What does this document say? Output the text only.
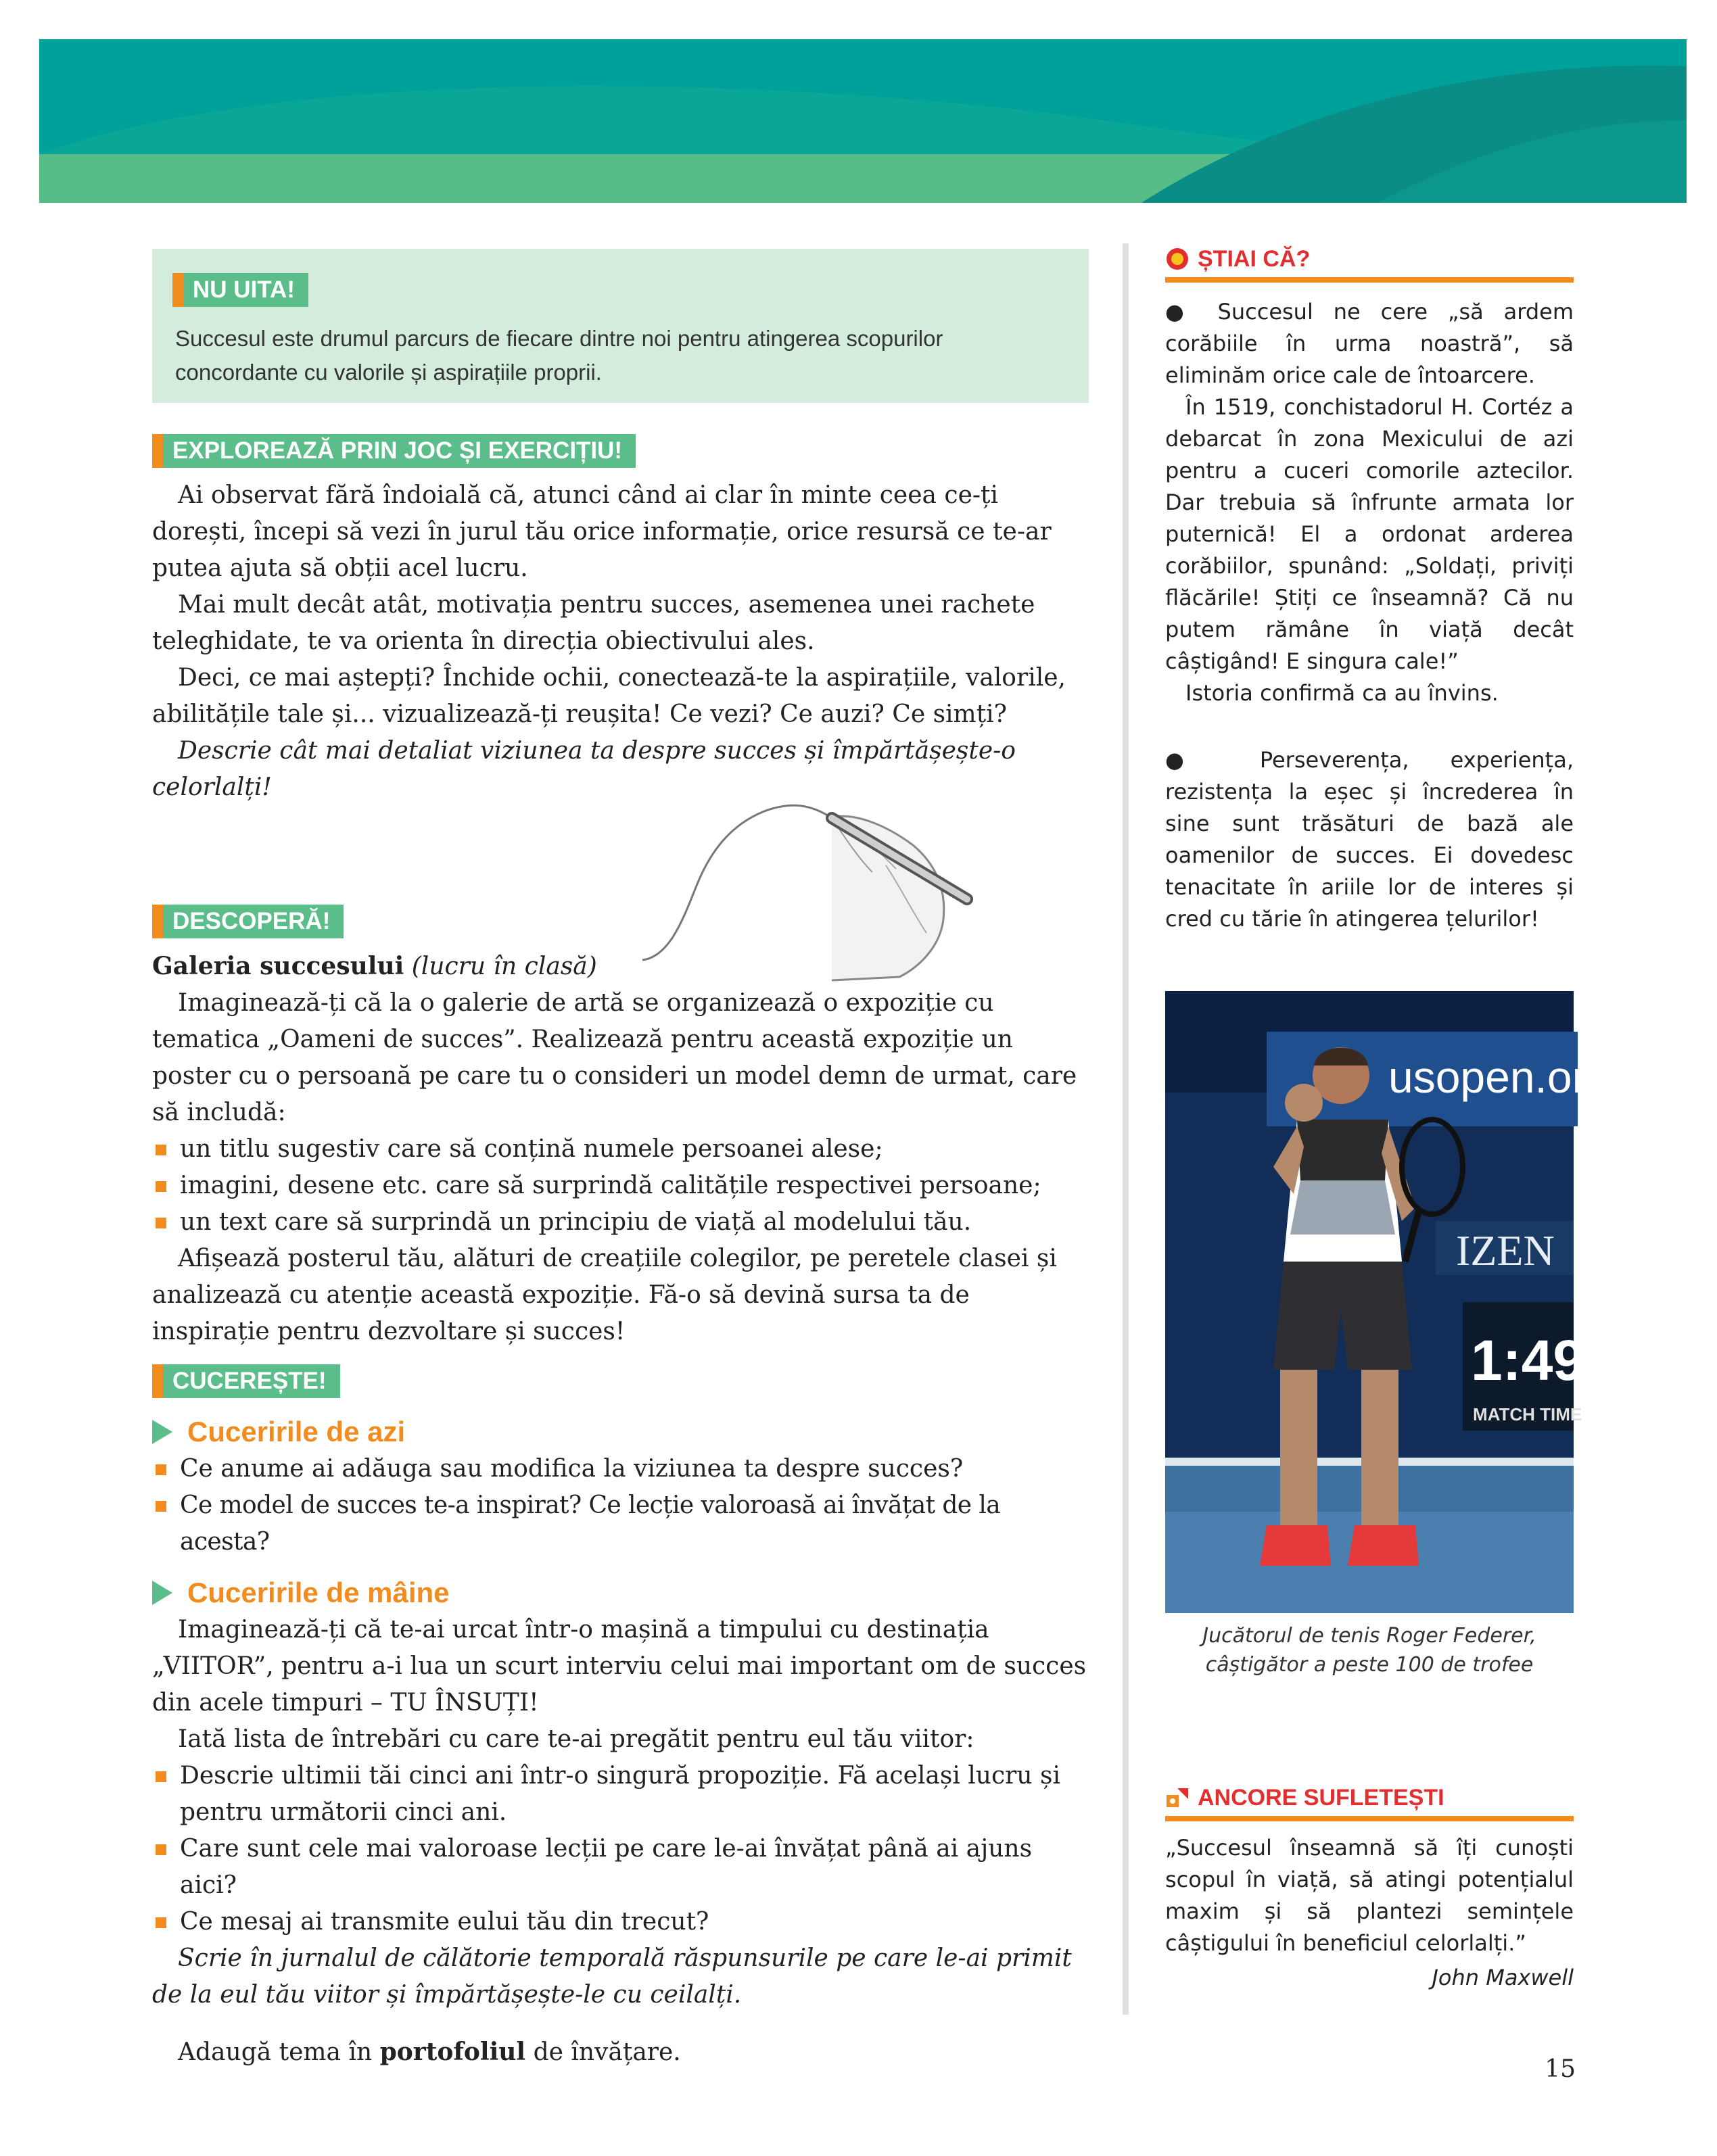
NU UITA!

Succesul este drumul parcurs de fiecare dintre noi pentru atingerea scopurilor concordante cu valorile și aspirațiile proprii.

EXPLOREAZĂ PRIN JOC ȘI EXERCIȚIU!

Ai observat fără îndoială că, atunci când ai clar în minte ceea ce-ți dorești, începi să vezi în jurul tău orice informație, orice resursă ce te-ar putea ajuta să obții acel lucru.

Mai mult decât atât, motivația pentru succes, asemenea unei rachete teleghidate, te va orienta în direcția obiectivului ales.

Deci, ce mai aștepți? Închide ochii, conectează-te la aspirațiile, valorile, abilitățile tale și... vizualizează-ți reușita! Ce vezi? Ce auzi? Ce simți?

Descrie cât mai detaliat viziunea ta despre succes și împărtășește-o celorlalți!

DESCOPERĂ!

Galeria succesului (lucru în clasă)

Imaginează-ți că la o galerie de artă se organizează o expoziție cu tematica „Oameni de succes”. Realizează pentru această expoziție un poster cu o persoană pe care tu o consideri un model demn de urmat, care să includă:

un titlu sugestiv care să conțină numele persoanei alese;

imagini, desene etc. care să surprindă calitățile respectivei persoane;

un text care să surprindă un principiu de viață al modelului tău.

Afișează posterul tău, alături de creațiile colegilor, pe peretele clasei și analizează cu atenție această expoziție. Fă-o să devină sursa ta de inspirație pentru dezvoltare și succes!

CUCEREȘTE!
Cuceririle de azi

Ce anume ai adăuga sau modifica la viziunea ta despre succes?

Ce model de succes te-a inspirat? Ce lecție valoroasă ai învățat de la acesta?

Cuceririle de mâine

Imaginează-ți că te-ai urcat într-o mașină a timpului cu destinația „VIITOR”, pentru a-i lua un scurt interviu celui mai important om de succes din acele timpuri – TU ÎNSUȚI!

Iată lista de întrebări cu care te-ai pregătit pentru eul tău viitor:

Descrie ultimii tăi cinci ani într-o singură propoziție. Fă același lucru și pentru următorii cinci ani.

Care sunt cele mai valoroase lecții pe care le-ai învățat până ai ajuns aici?

Ce mesaj ai transmite eului tău din trecut?

Scrie în jurnalul de călătorie temporală răspunsurile pe care le-ai primit de la eul tău viitor și împărtășește-le cu ceilalți.

Adaugă tema în portofoliul de învățare.

ȘTIAI CĂ?

● Succesul ne cere „să ardem corăbiile în urma noastră”, să eliminăm orice cale de întoarcere.

În 1519, conchistadorul H. Cortéz a debarcat în zona Mexicului de azi pentru a cuceri comorile aztecilor. Dar trebuia să înfrunte armata lor puternică! El a ordonat arderea corăbiilor, spunând: „Soldați, priviți flăcările! Știți ce înseamnă? Că nu putem rămâne în viață decât câștigând! E singura cale!”

Istoria confirmă ca au învins.

● Perseverența, experiența, rezistența la eșec și încrederea în sine sunt trăsături de bază ale oamenilor de succes. Ei dovedesc tenacitate în ariile lor de interes și cred cu tărie în atingerea țelurilor!

usopen.org
IZEN
1:49
MATCH TIME

Jucătorul de tenis Roger Federer, câștigător a peste 100 de trofee

ANCORE SUFLETEȘTI

„Succesul înseamnă să îți cunoști scopul în viață, să atingi potențialul maxim și să plantezi semințele câștigului în beneficiul celorlalți.”

John Maxwell

15
